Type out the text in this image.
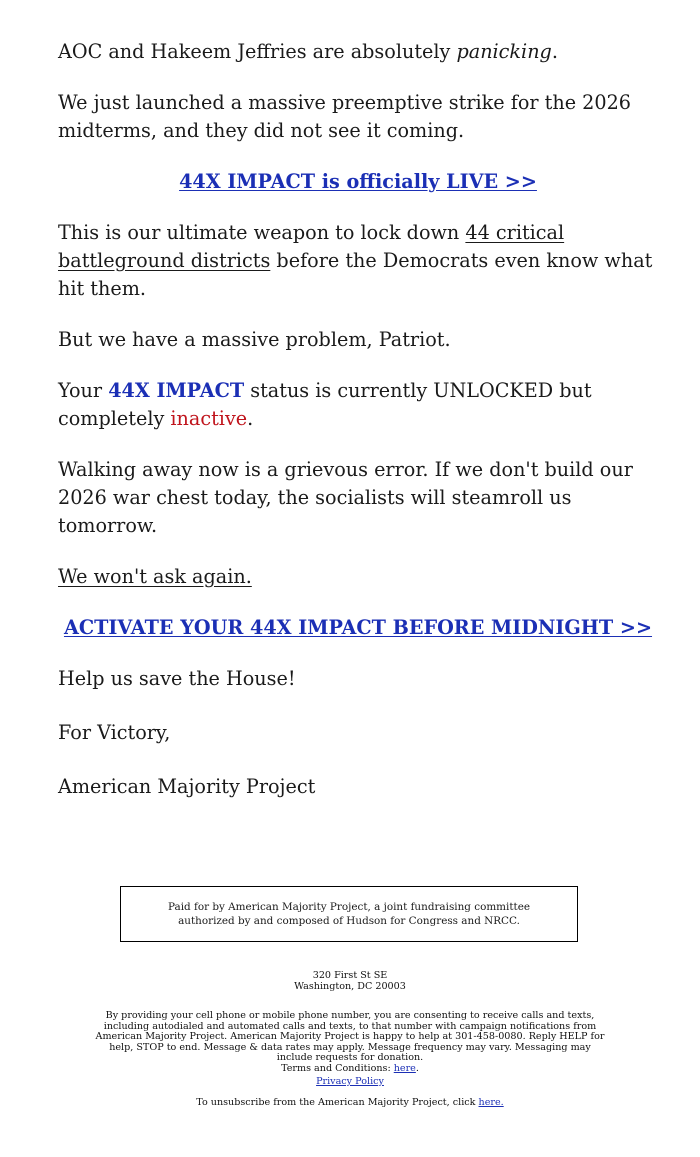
AOC and Hakeem Jeffries are absolutely panicking.

We just launched a massive preemptive strike for the 2026 midterms, and they did not see it coming.

44X IMPACT is officially LIVE >>

This is our ultimate weapon to lock down 44 critical battleground districts before the Democrats even know what hit them.

But we have a massive problem, Patriot.

Your 44X IMPACT status is currently UNLOCKED but completely inactive.

Walking away now is a grievous error. If we don't build our 2026 war chest today, the socialists will steamroll us tomorrow.

We won't ask again.

ACTIVATE YOUR 44X IMPACT BEFORE MIDNIGHT >>

Help us save the House!

For Victory,

American Majority Project

Paid for by American Majority Project, a joint fundraising committee authorized by and composed of Hudson for Congress and NRCC.
320 First St SE
Washington, DC 20003
By providing your cell phone or mobile phone number, you are consenting to receive calls and texts, including autodialed and automated calls and texts, to that number with campaign notifications from American Majority Project. American Majority Project is happy to help at 301-458-0080. Reply HELP for help, STOP to end. Message & data rates may apply. Message frequency may vary. Messaging may include requests for donation.
Terms and Conditions: here.
Privacy Policy
To unsubscribe from the American Majority Project, click here.
